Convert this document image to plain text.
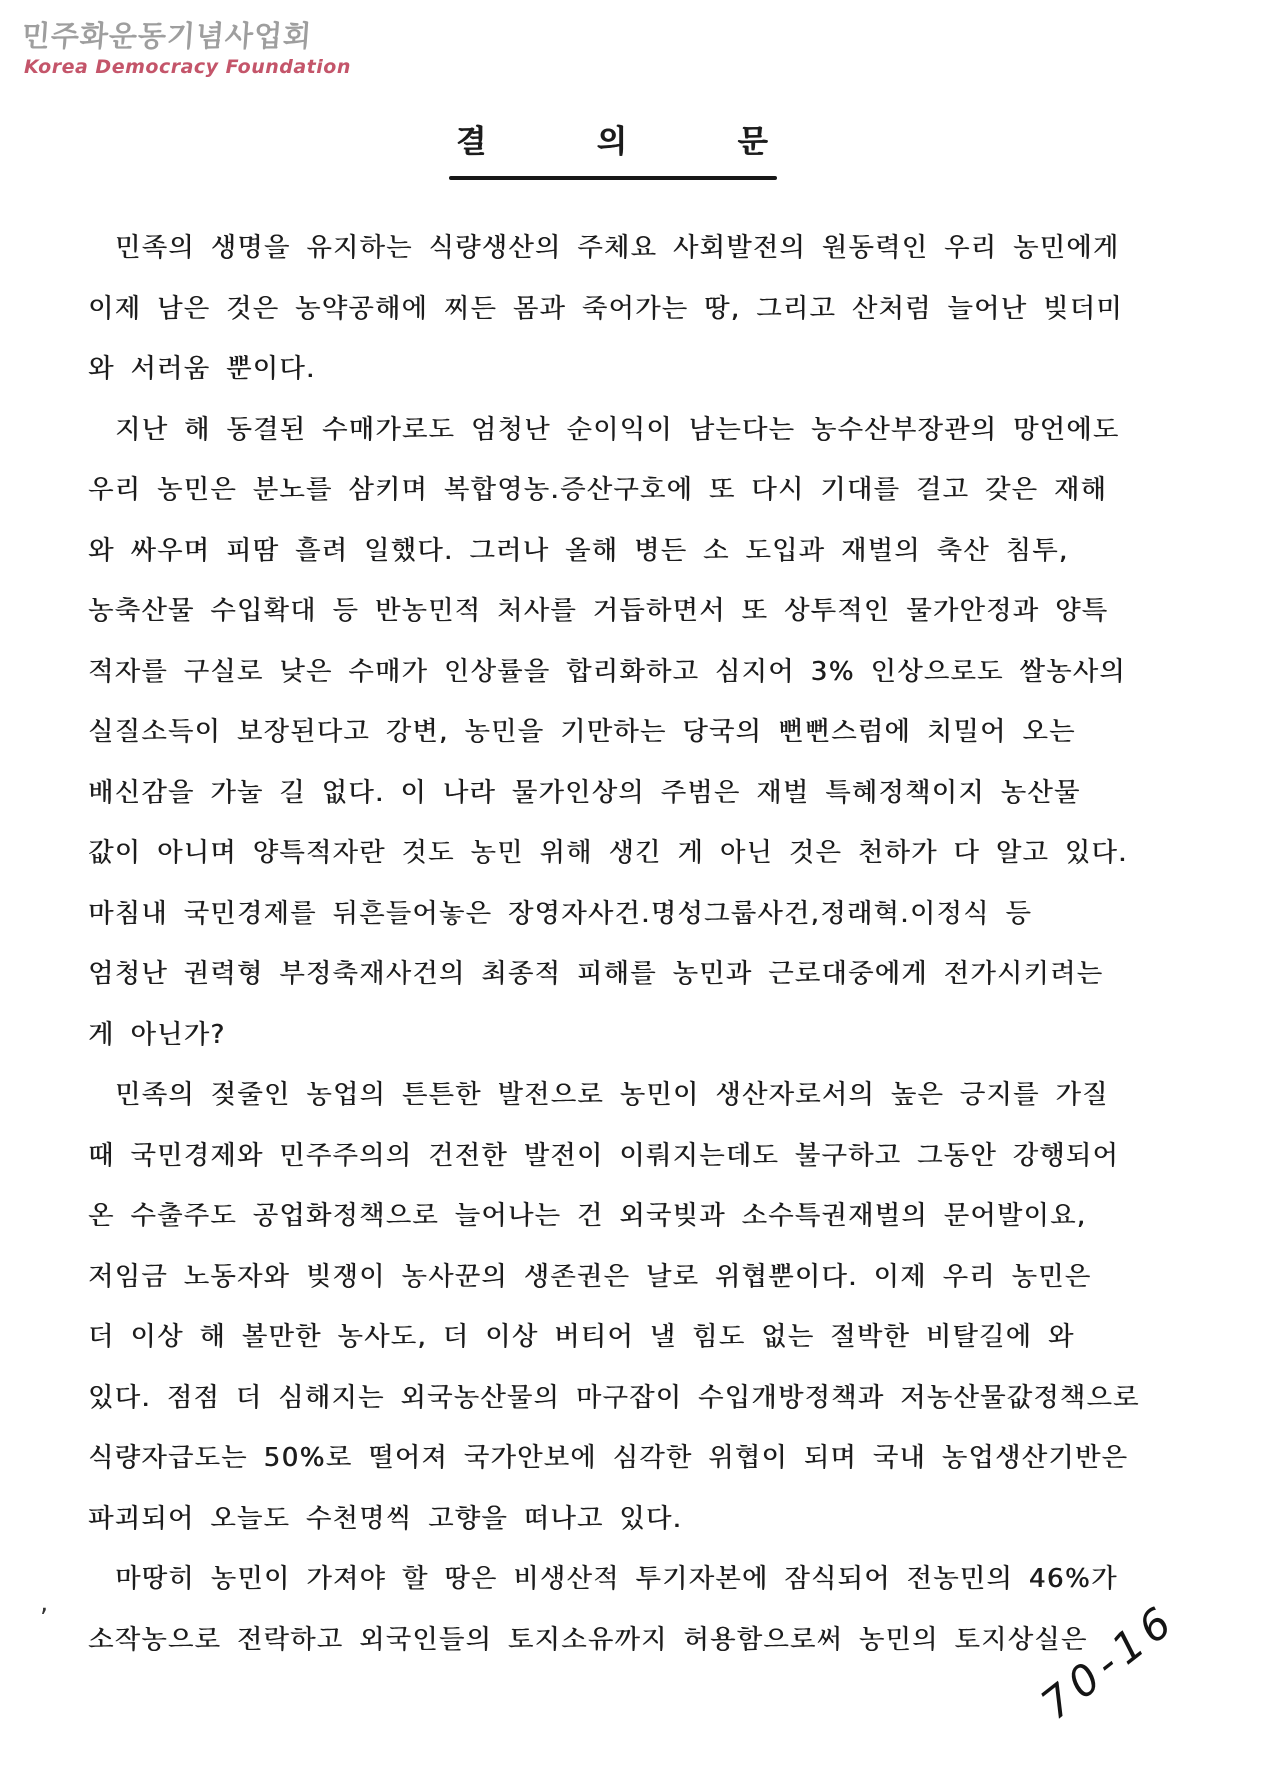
민주화운동기념사업회
Korea Democracy Foundation
결 의 문
민족의 생명을 유지하는 식량생산의 주체요 사회발전의 원동력인 우리 농민에게
이제 남은 것은 농약공해에 찌든 몸과 죽어가는 땅, 그리고 산처럼 늘어난 빚더미
와 서러움 뿐이다.
지난 해 동결된 수매가로도 엄청난 순이익이 남는다는 농수산부장관의 망언에도
우리 농민은 분노를 삼키며 복합영농.증산구호에 또 다시 기대를 걸고 갖은 재해
와 싸우며 피땀 흘려 일했다. 그러나 올해 병든 소 도입과 재벌의 축산 침투,
농축산물 수입확대 등 반농민적 처사를 거듭하면서 또 상투적인 물가안정과 양특
적자를 구실로 낮은 수매가 인상률을 합리화하고 심지어 3% 인상으로도 쌀농사의
실질소득이 보장된다고 강변, 농민을 기만하는 당국의 뻔뻔스럼에 치밀어 오는
배신감을 가눌 길 없다. 이 나라 물가인상의 주범은 재벌 특혜정책이지 농산물
값이 아니며 양특적자란 것도 농민 위해 생긴 게 아닌 것은 천하가 다 알고 있다.
마침내 국민경제를 뒤흔들어놓은 장영자사건.명성그룹사건,정래혁.이정식 등
엄청난 권력형 부정축재사건의 최종적 피해를 농민과 근로대중에게 전가시키려는
게 아닌가?
민족의 젖줄인 농업의 튼튼한 발전으로 농민이 생산자로서의 높은 긍지를 가질
때 국민경제와 민주주의의 건전한 발전이 이뤄지는데도 불구하고 그동안 강행되어
온 수출주도 공업화정책으로 늘어나는 건 외국빚과 소수특권재벌의 문어발이요,
저임금 노동자와 빚쟁이 농사꾼의 생존권은 날로 위협뿐이다. 이제 우리 농민은
더 이상 해 볼만한 농사도, 더 이상 버티어 낼 힘도 없는 절박한 비탈길에 와
있다. 점점 더 심해지는 외국농산물의 마구잡이 수입개방정책과 저농산물값정책으로
식량자급도는 50%로 떨어져 국가안보에 심각한 위협이 되며 국내 농업생산기반은
파괴되어 오늘도 수천명씩 고향을 떠나고 있다.
마땅히 농민이 가져야 할 땅은 비생산적 투기자본에 잠식되어 전농민의 46%가
소작농으로 전락하고 외국인들의 토지소유까지 허용함으로써 농민의 토지상실은
,	70-16
